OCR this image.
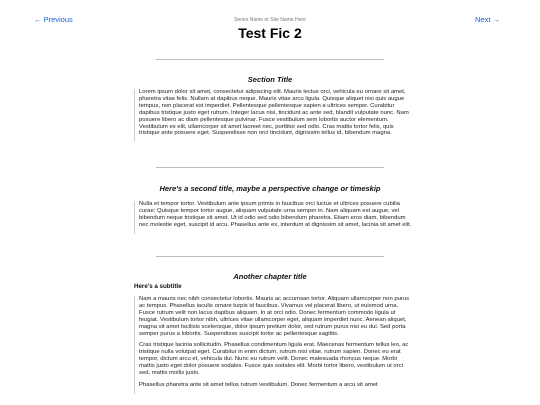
← Previous	Next →
Series Name or Site Name Here
Test Fic 2
Section Title

Lorem ipsum dolor sit amet, consectetur adipiscing elit. Mauris lectus orci, vehicula eu ornare sit amet, pharetra vitae felis. Nullam at dapibus neque. Mauris vitae arcu ligula. Quisque aliquet nisi quis augue tempus, non placerat est imperdiet. Pellentesque pellentesque sapien a ultrices semper. Curabitur dapibus tristique justo eget rutrum. Integer lacus nisi, tincidunt ac ante sed, blandit vulputate nunc. Nam posuere libero ac diam pellentesque pulvinar. Fusce vestibulum sem lobortis auctor elementum. Vestibulum ex elit, ullamcorper sit amet laoreet nec, porttitor sed odio. Cras mattis tortor felis, quis tristique ante posuere eget. Suspendisse non orci tincidunt, dignissim tellus id, bibendum magna.

Here's a second title, maybe a perspective change or timeskip

Nulla et tempor tortor. Vestibulum ante ipsum primis in faucibus orci luctus et ultrices posuere cubilia curae; Quisque tempor tortor augue, aliquam vulputate urna semper in. Nam aliquam est augue, vel bibendum neque tristique sit amet. Ut id odio sed odio bibendum pharetra. Etiam eros diam, bibendum nec molestie eget, suscipit id arcu. Phasellus ante ex, interdum at dignissim sit amet, lacinia sit amet elit.

Another chapter title
Here's a subtitle

Nam a mauris nec nibh consectetur lobortis. Mauris ac accumsan tortor. Aliquam ullamcorper non purus ac tempus. Phasellus iaculis ornare turpis id faucibus. Vivamus vel placerat libero, ut euismod urna. Fusce rutrum velit non lacus dapibus aliquam. In at orci odio. Donec fermentum commodo ligula ut feugiat. Vestibulum tortor nibh, ultrices vitae ullamcorper eget, aliquam imperdiet nunc. Aenean aliquet, magna sit amet facilisis scelerisque, dolor ipsum pretium dolor, sed rutrum purus nisi eu dui. Sed porta semper purus a lobortis. Suspendisse suscipit tortor ac pellentesque sagittis.

Cras tristique lacinia sollicitudin. Phasellus condimentum ligula erat. Maecenas fermentum tellus leo, ac tristique nulla volutpat eget. Curabitur in enim dictum, rutrum nisi vitae, rutrum sapien. Donec eu erat tempor, dictum arcu et, vehicula dui. Nunc eu rutrum velit. Donec malesuada rhoncus neque. Morbi mattis justo eget dolor posuere sodales. Fusce quis sodales elit. Morbi tortor libero, vestibulum ut orci sed, mattis mollis justo.

Phasellus pharetra ante sit amet tellus rutrum vestibulum. Donec fermentum a arcu sit amet
